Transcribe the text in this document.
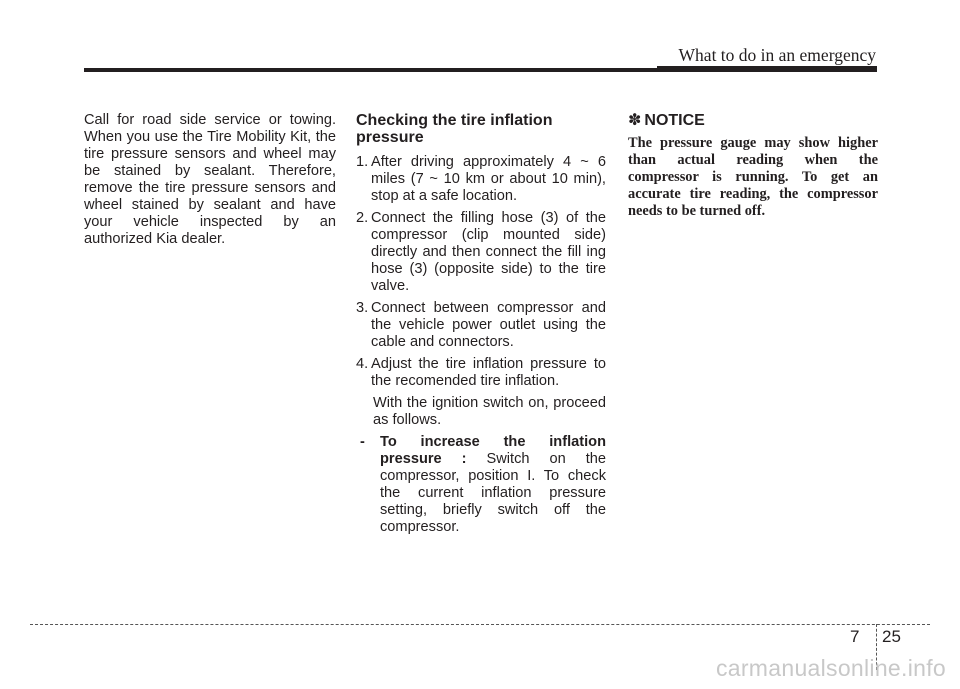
What to do in an emergency

Call for road side service or towing. When you use the Tire Mobility Kit, the tire pressure sensors and wheel may be stained by sealant. Therefore, remove the tire pressure sensors and wheel stained by sealant and have your vehicle inspected by an authorized Kia dealer.

Checking the tire inflation pressure
1. After driving approximately 4 ~ 6 miles (7 ~ 10 km or about 10 min), stop at a safe location.
2. Connect the filling hose (3) of the compressor (clip mounted side) directly and then connect the fill ing hose (3) (opposite side) to the tire valve.
3. Connect between compressor and the vehicle power outlet using the cable and connectors.
4. Adjust the tire inflation pressure to the recomended tire inflation.
With the ignition switch on, proceed as follows.
- To increase the inflation pressure : Switch on the compressor, position I. To check the current inflation pressure setting, briefly switch off the compressor.
✽ NOTICE
The pressure gauge may show higher than actual reading when the compressor is running. To get an accurate tire reading, the compressor needs to be turned off.
7 25
carmanualsonline.info
